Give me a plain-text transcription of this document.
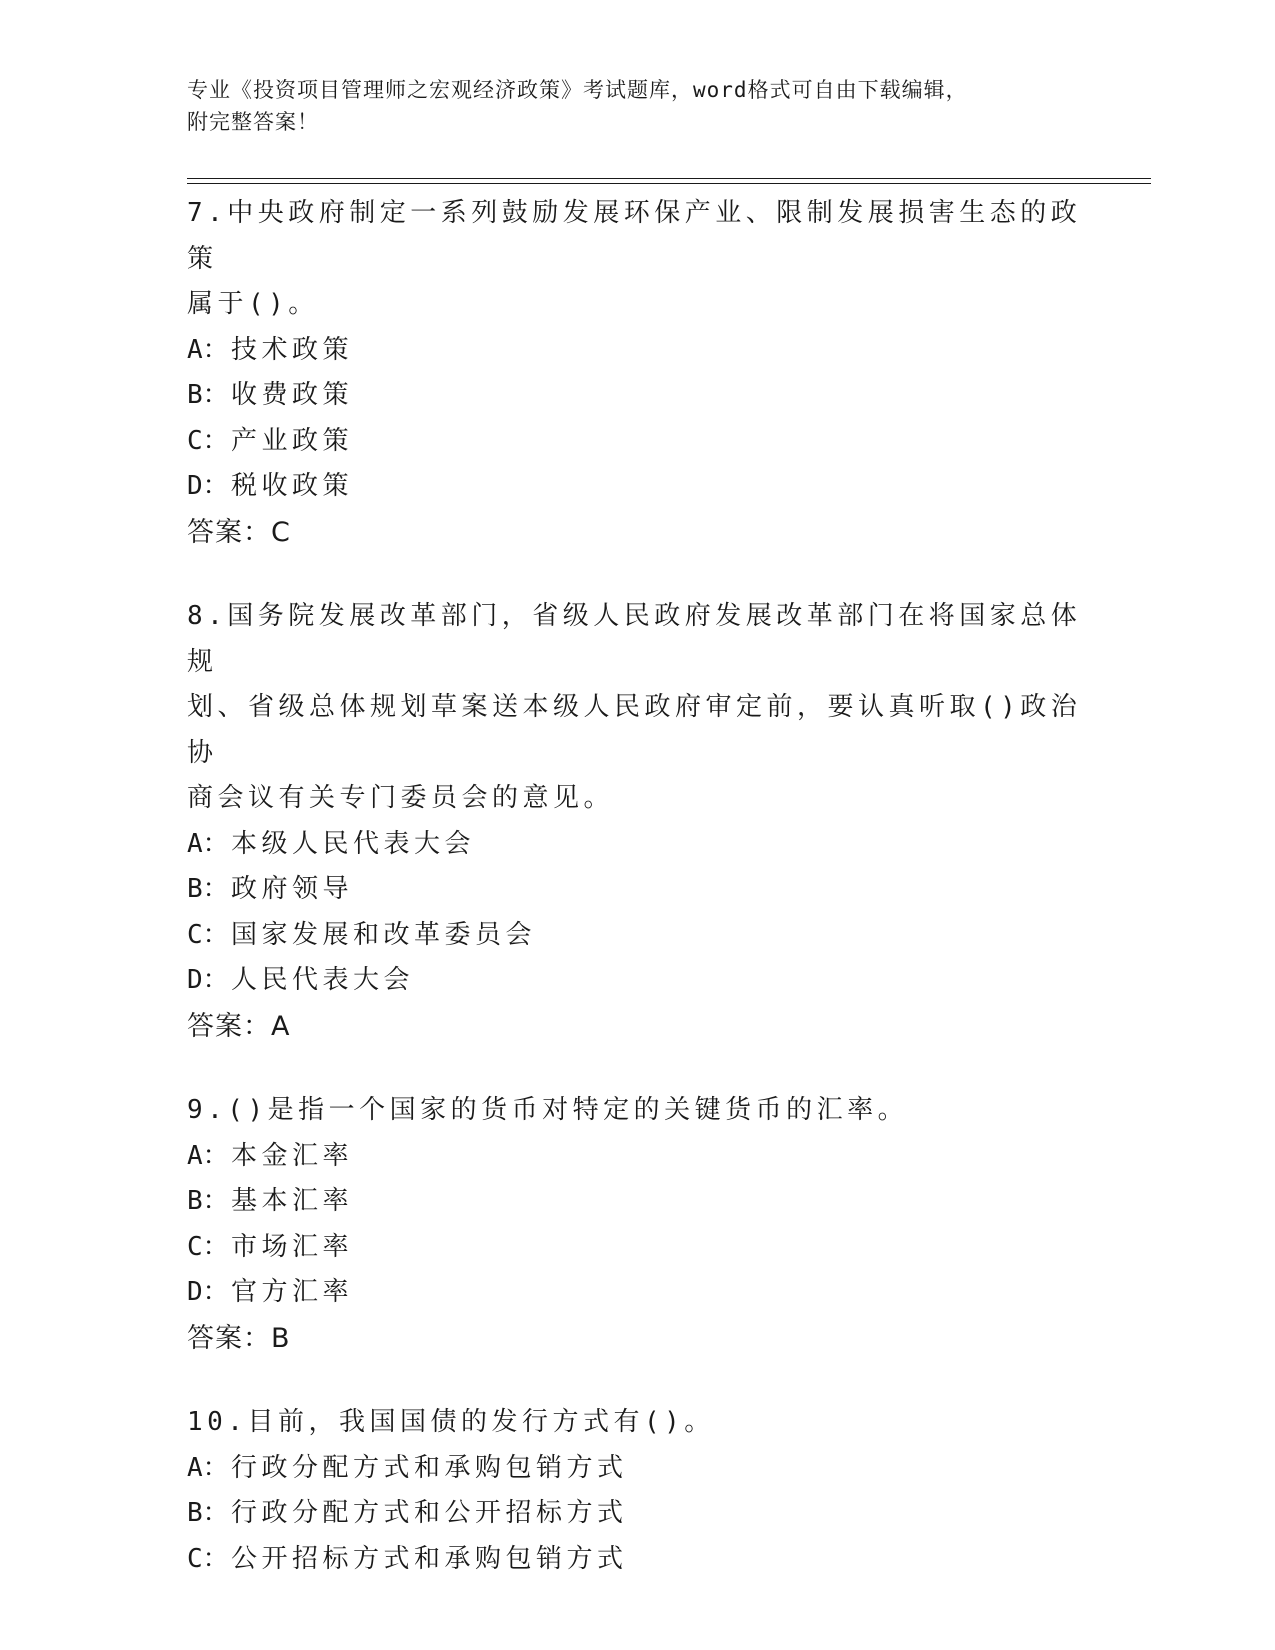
专业《投资项目管理师之宏观经济政策》考试题库，word格式可自由下载编辑，
附完整答案！

7.中央政府制定一系列鼓励发展环保产业、限制发展损害生态的政策
属于()。

A：技术政策

B：收费政策

C：产业政策

D：税收政策

答案：C

8.国务院发展改革部门，省级人民政府发展改革部门在将国家总体规
划、省级总体规划草案送本级人民政府审定前，要认真听取()政治协
商会议有关专门委员会的意见。

A：本级人民代表大会

B：政府领导

C：国家发展和改革委员会

D：人民代表大会

答案：A

9.()是指一个国家的货币对特定的关键货币的汇率。

A：本金汇率

B：基本汇率

C：市场汇率

D：官方汇率

答案：B

10.目前，我国国债的发行方式有()。

A：行政分配方式和承购包销方式

B：行政分配方式和公开招标方式

C：公开招标方式和承购包销方式
